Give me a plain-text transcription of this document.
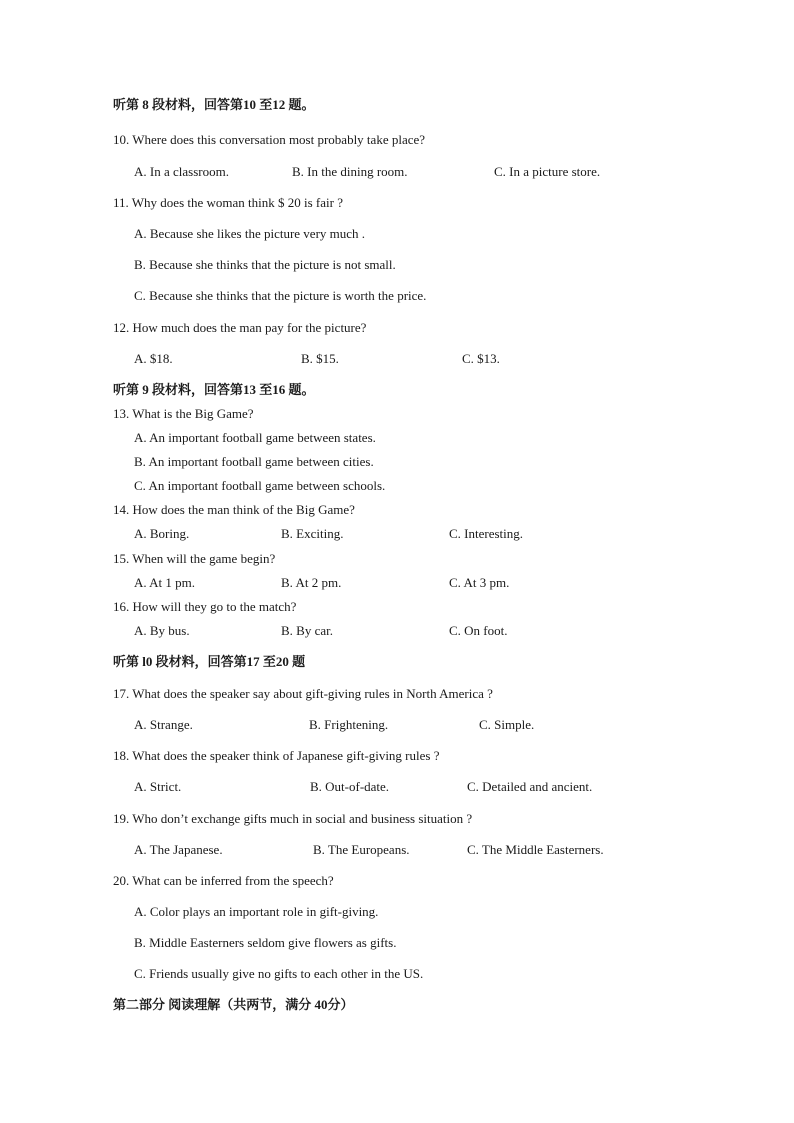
听第 8 段材料，回答第10 至12 题。
10. Where does this conversation most probably take place?
A. In a classroom.	B. In the dining room.	C. In a picture store.
11. Why does the woman think $ 20 is fair ?
A. Because she likes the picture very much .
B. Because she thinks that the picture is not small.
C. Because she thinks that the picture is worth the price.
12. How much does the man pay for the picture?
A. $18.	B. $15.	C. $13.
听第 9 段材料，回答第13 至16 题。
13. What is the Big Game?
A. An important football game between states.
B. An important football game between cities.
C. An important football game between schools.
14. How does the man think of the Big Game?
A. Boring.	B. Exciting.	C. Interesting.
15. When will the game begin?
A. At 1 pm.	B. At 2 pm.	C. At 3 pm.
16. How will they go to the match?
A. By bus.	B. By car.	C. On foot.
听第 l0 段材料，回答第17 至20 题
17. What does the speaker say about gift-giving rules in North America ?
A. Strange.	B. Frightening.	C. Simple.
18. What does the speaker think of Japanese gift-giving rules ?
A. Strict.	B. Out-of-date.	C. Detailed and ancient.
19. Who don’t exchange gifts much in social and business situation ?
A. The Japanese.	B. The Europeans.	C. The Middle Easterners.
20. What can be inferred from the speech?
A. Color plays an important role in gift-giving.
B. Middle Easterners seldom give flowers as gifts.
C. Friends usually give no gifts to each other in the US.
第二部分 阅读理解（共两节，满分 40分）
